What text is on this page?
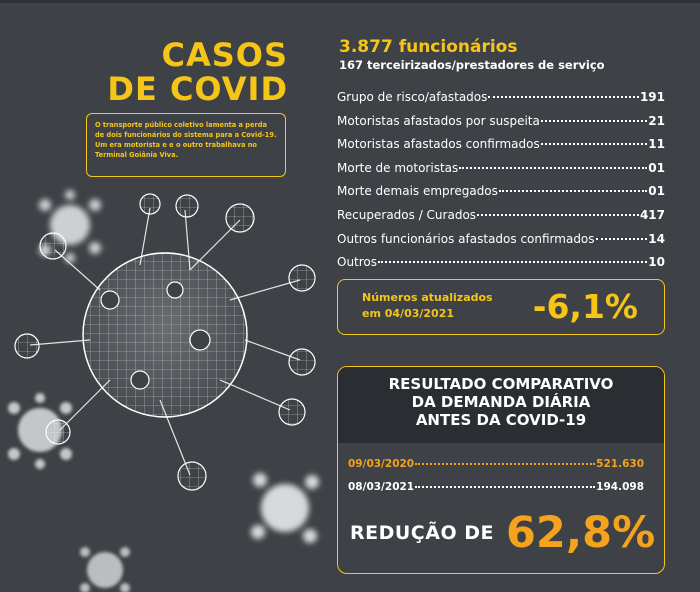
CASOS
DE COVID
O transporte público coletivo lamenta a perda de dois funcionários do sistema para a Covid-19. Um era motorista e e o outro trabalhava no Terminal Goiânia Viva.
3.877 funcionários
167 terceirizados/prestadores de serviço
Grupo de risco/afastados	191
Motoristas afastados por suspeita	21
Motoristas afastados confirmados	11
Morte de motoristas	01
Morte demais empregados	01
Recuperados / Curados	417
Outros funcionários afastados confirmados	14
Outros	10
Números atualizados
em 04/03/2021	-6,1%
RESULTADO COMPARATIVO
DA DEMANDA DIÁRIA
ANTES DA COVID-19
09/03/2020	521.630
08/03/2021	194.098
REDUÇÃO DE 62,8%
